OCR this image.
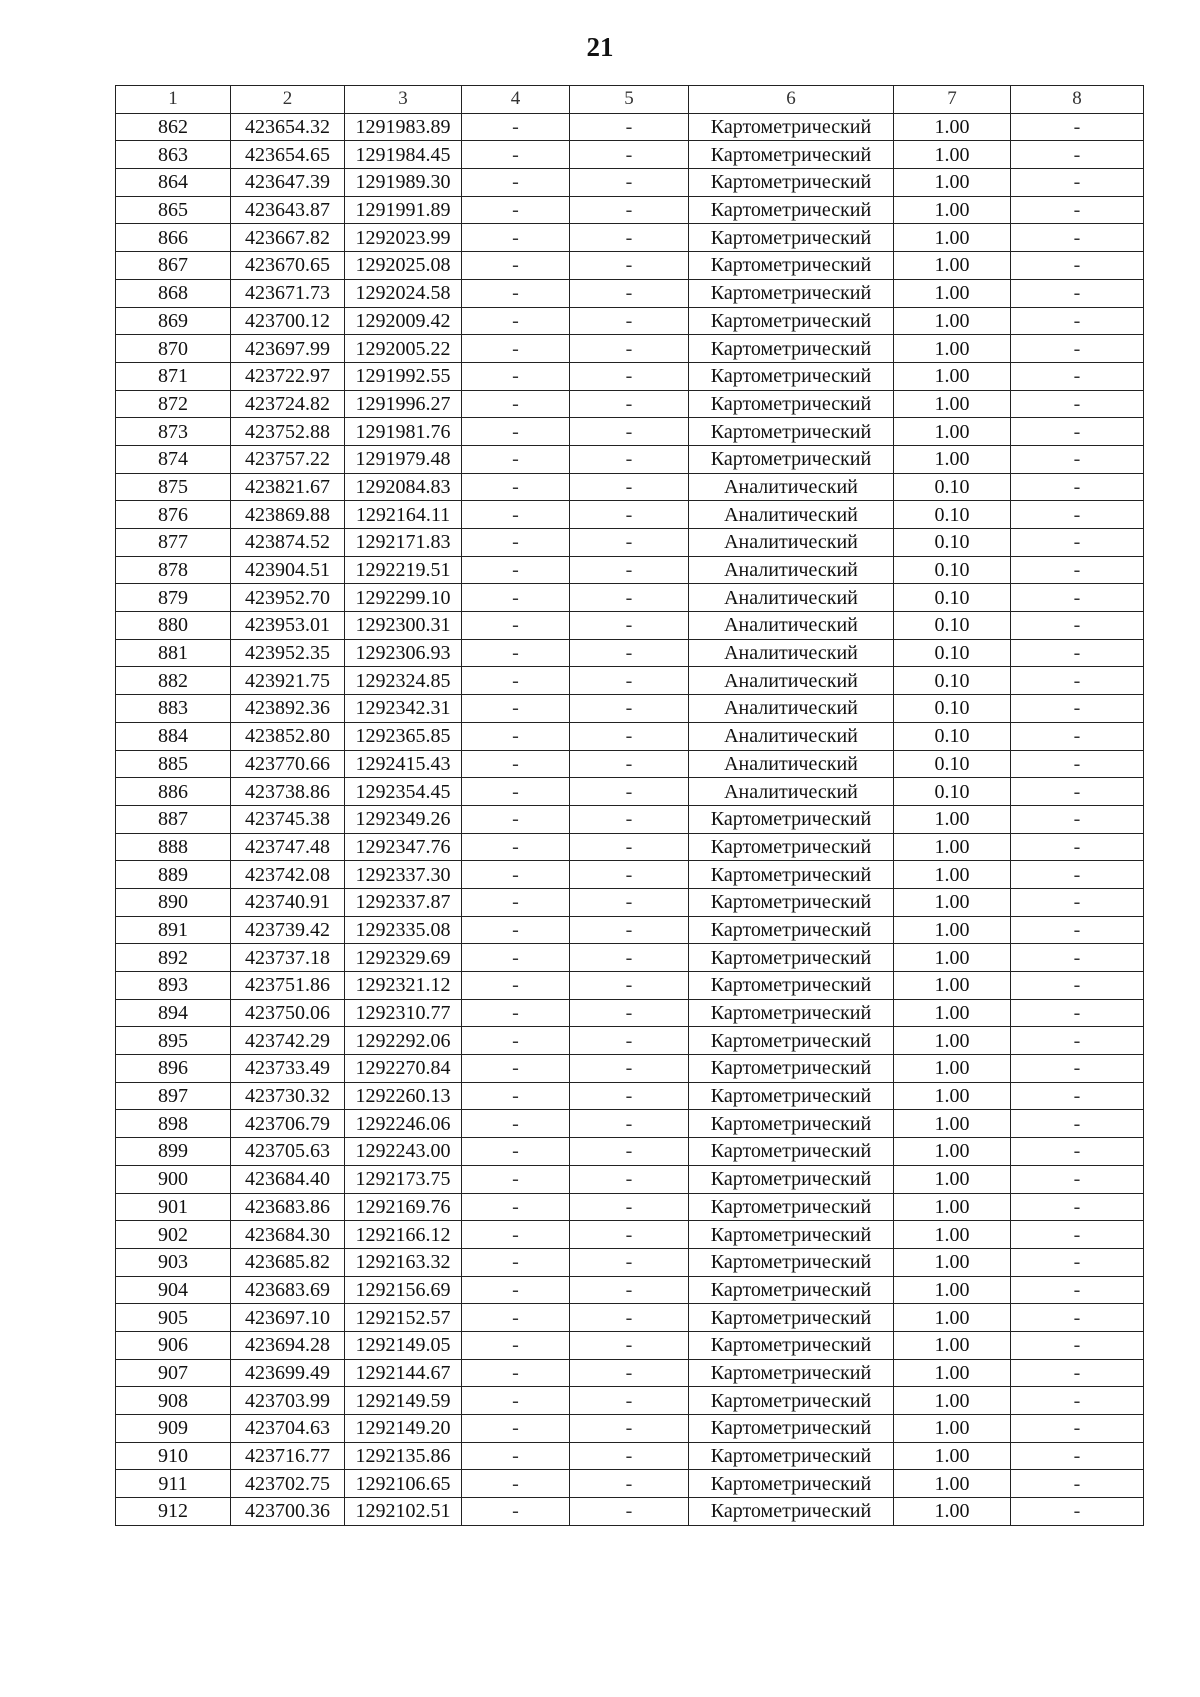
21
1	2	3	4	5	6	7	8
862	423654.32	1291983.89	-	-	Картометрический	1.00	-
863	423654.65	1291984.45	-	-	Картометрический	1.00	-
864	423647.39	1291989.30	-	-	Картометрический	1.00	-
865	423643.87	1291991.89	-	-	Картометрический	1.00	-
866	423667.82	1292023.99	-	-	Картометрический	1.00	-
867	423670.65	1292025.08	-	-	Картометрический	1.00	-
868	423671.73	1292024.58	-	-	Картометрический	1.00	-
869	423700.12	1292009.42	-	-	Картометрический	1.00	-
870	423697.99	1292005.22	-	-	Картометрический	1.00	-
871	423722.97	1291992.55	-	-	Картометрический	1.00	-
872	423724.82	1291996.27	-	-	Картометрический	1.00	-
873	423752.88	1291981.76	-	-	Картометрический	1.00	-
874	423757.22	1291979.48	-	-	Картометрический	1.00	-
875	423821.67	1292084.83	-	-	Аналитический	0.10	-
876	423869.88	1292164.11	-	-	Аналитический	0.10	-
877	423874.52	1292171.83	-	-	Аналитический	0.10	-
878	423904.51	1292219.51	-	-	Аналитический	0.10	-
879	423952.70	1292299.10	-	-	Аналитический	0.10	-
880	423953.01	1292300.31	-	-	Аналитический	0.10	-
881	423952.35	1292306.93	-	-	Аналитический	0.10	-
882	423921.75	1292324.85	-	-	Аналитический	0.10	-
883	423892.36	1292342.31	-	-	Аналитический	0.10	-
884	423852.80	1292365.85	-	-	Аналитический	0.10	-
885	423770.66	1292415.43	-	-	Аналитический	0.10	-
886	423738.86	1292354.45	-	-	Аналитический	0.10	-
887	423745.38	1292349.26	-	-	Картометрический	1.00	-
888	423747.48	1292347.76	-	-	Картометрический	1.00	-
889	423742.08	1292337.30	-	-	Картометрический	1.00	-
890	423740.91	1292337.87	-	-	Картометрический	1.00	-
891	423739.42	1292335.08	-	-	Картометрический	1.00	-
892	423737.18	1292329.69	-	-	Картометрический	1.00	-
893	423751.86	1292321.12	-	-	Картометрический	1.00	-
894	423750.06	1292310.77	-	-	Картометрический	1.00	-
895	423742.29	1292292.06	-	-	Картометрический	1.00	-
896	423733.49	1292270.84	-	-	Картометрический	1.00	-
897	423730.32	1292260.13	-	-	Картометрический	1.00	-
898	423706.79	1292246.06	-	-	Картометрический	1.00	-
899	423705.63	1292243.00	-	-	Картометрический	1.00	-
900	423684.40	1292173.75	-	-	Картометрический	1.00	-
901	423683.86	1292169.76	-	-	Картометрический	1.00	-
902	423684.30	1292166.12	-	-	Картометрический	1.00	-
903	423685.82	1292163.32	-	-	Картометрический	1.00	-
904	423683.69	1292156.69	-	-	Картометрический	1.00	-
905	423697.10	1292152.57	-	-	Картометрический	1.00	-
906	423694.28	1292149.05	-	-	Картометрический	1.00	-
907	423699.49	1292144.67	-	-	Картометрический	1.00	-
908	423703.99	1292149.59	-	-	Картометрический	1.00	-
909	423704.63	1292149.20	-	-	Картометрический	1.00	-
910	423716.77	1292135.86	-	-	Картометрический	1.00	-
911	423702.75	1292106.65	-	-	Картометрический	1.00	-
912	423700.36	1292102.51	-	-	Картометрический	1.00	-
